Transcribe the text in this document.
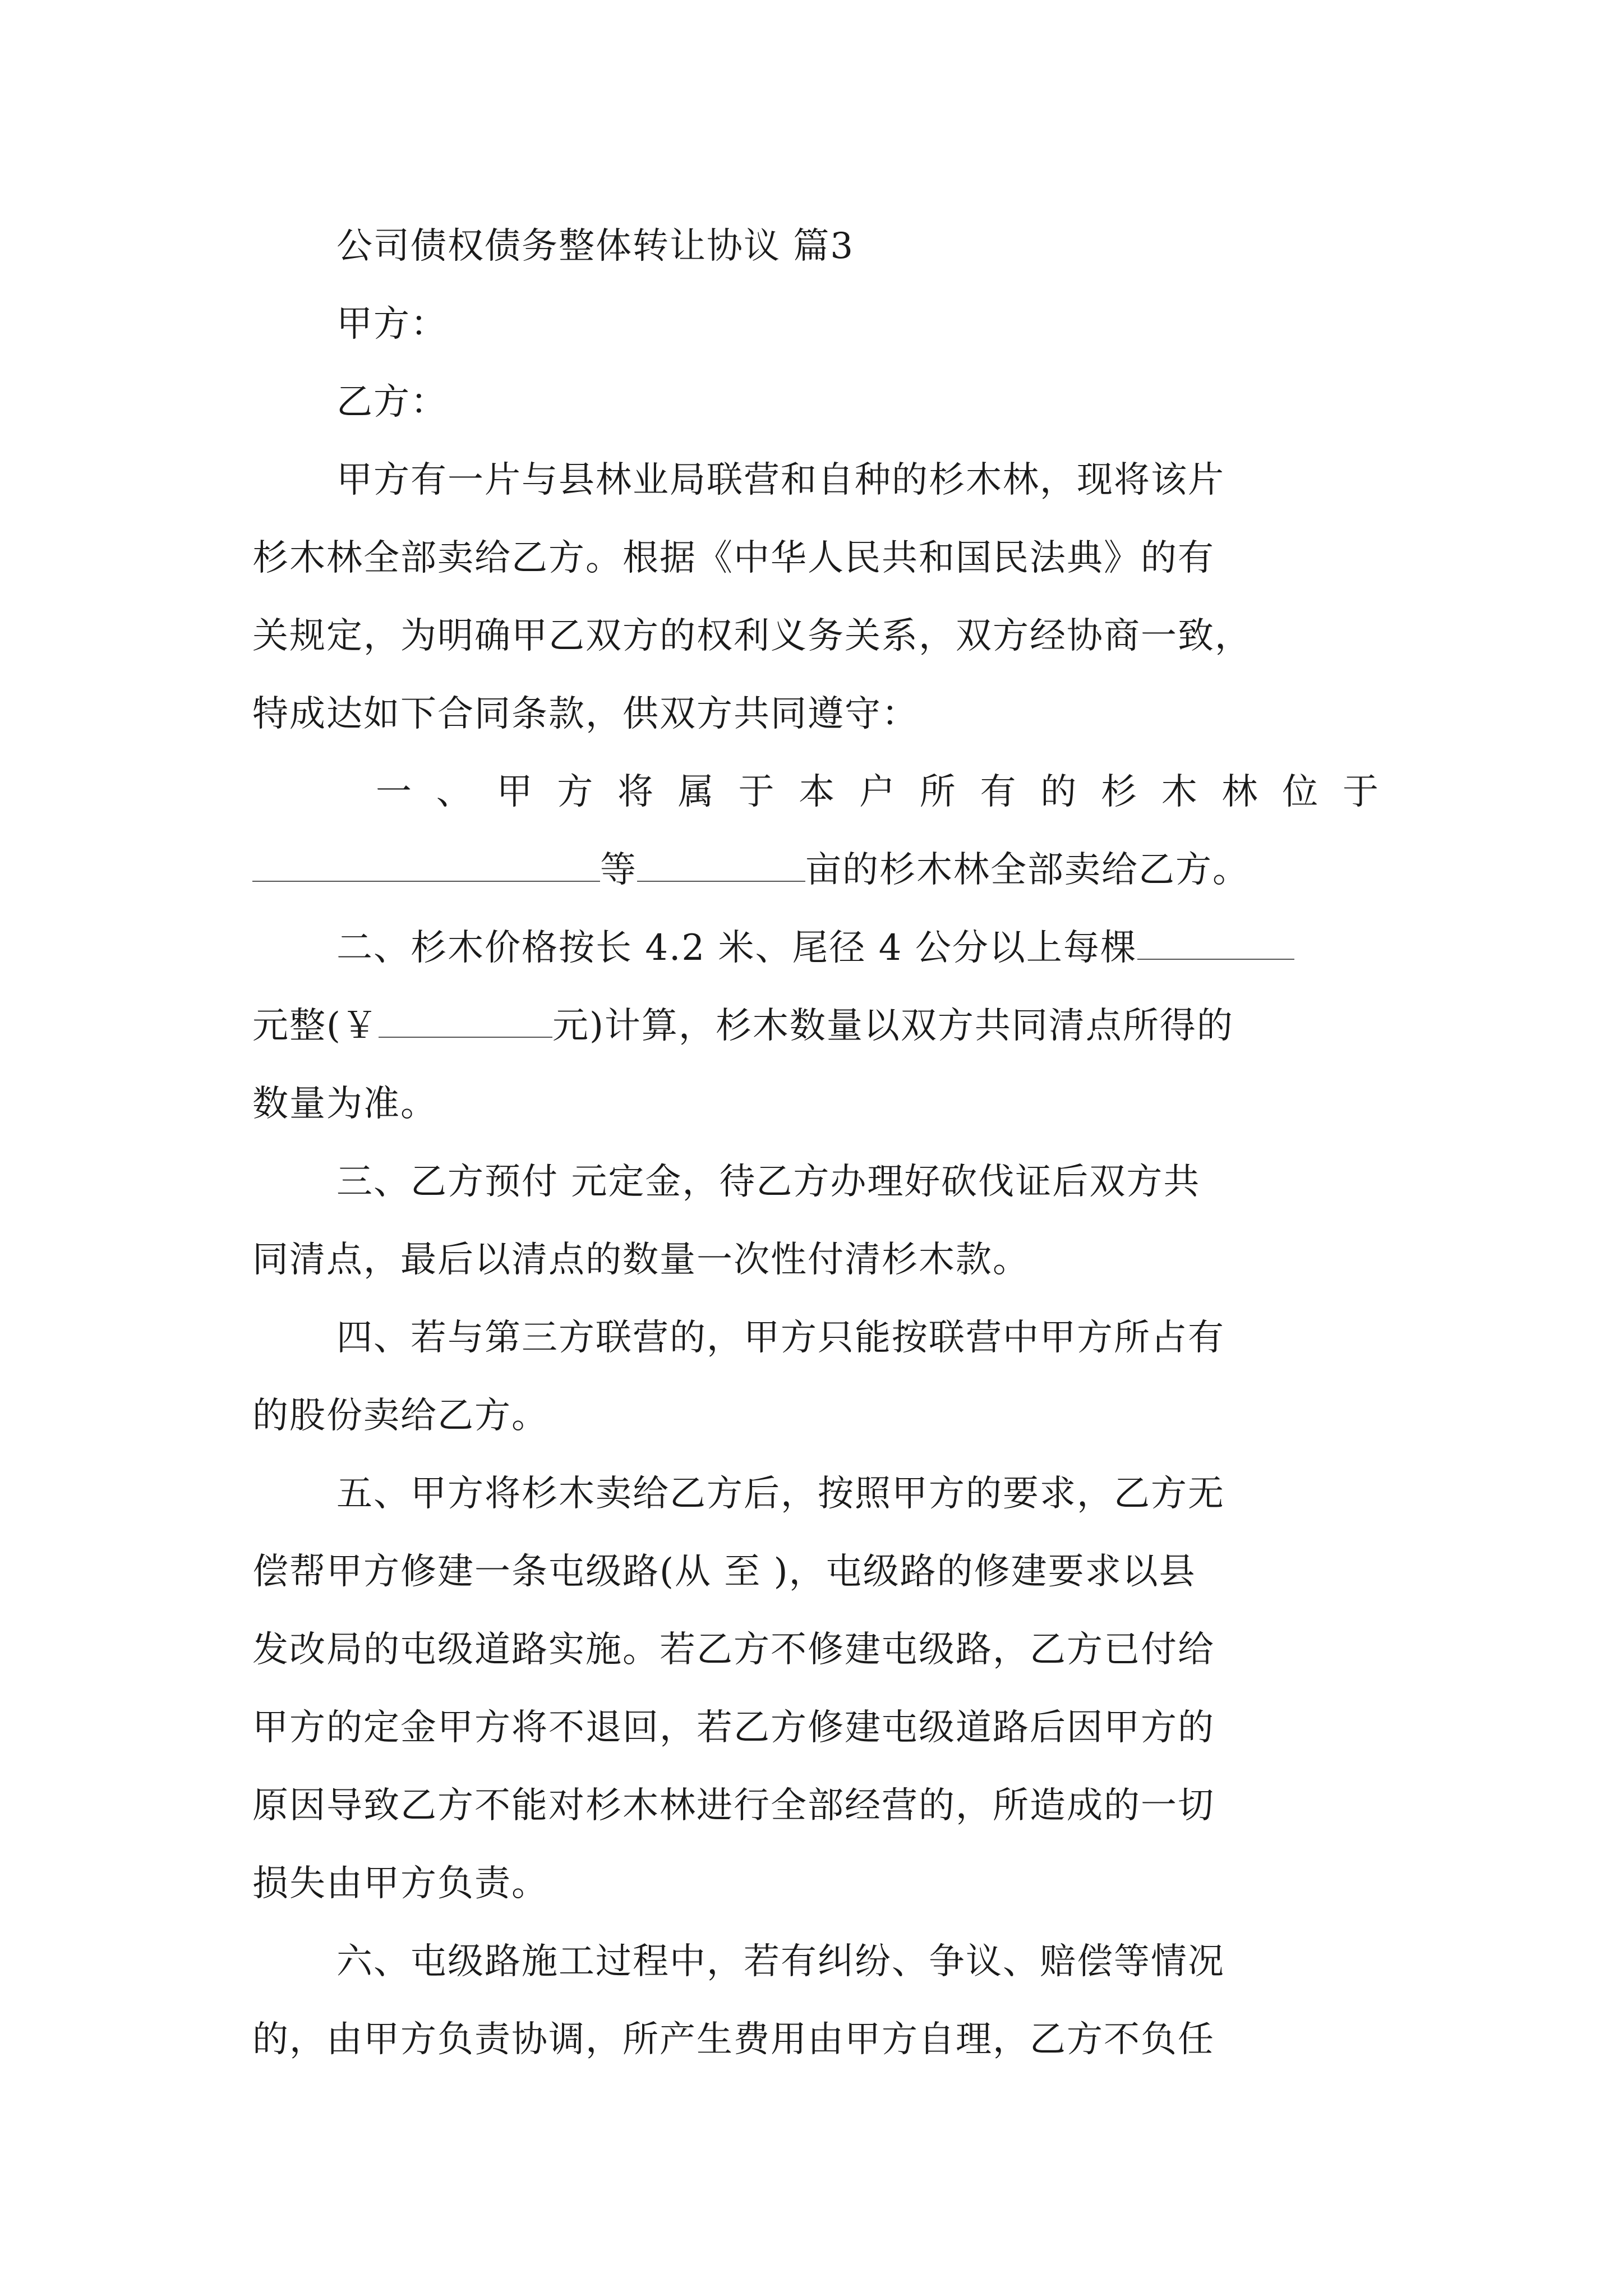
公司债权债务整体转让协议 篇3
甲方：
乙方：
甲方有一片与县林业局联营和自种的杉木林，现将该片
杉木林全部卖给乙方。根据《中华人民共和国民法典》的有
关规定，为明确甲乙双方的权利义务关系，双方经协商一致，
特成达如下合同条款，供双方共同遵守：
一 、 甲 方 将 属 于 本 户 所 有 的 杉 木 林 位 于
等	亩的杉木林全部卖给乙方。
二、杉木价格按长 4.2 米、尾径 4 公分以上每棵
元整(￥	元)计算，杉木数量以双方共同清点所得的
数量为准。
三、乙方预付 元定金，待乙方办理好砍伐证后双方共
同清点，最后以清点的数量一次性付清杉木款。
四、若与第三方联营的，甲方只能按联营中甲方所占有
的股份卖给乙方。
五、甲方将杉木卖给乙方后，按照甲方的要求，乙方无
偿帮甲方修建一条屯级路(从 至 )，屯级路的修建要求以县
发改局的屯级道路实施。若乙方不修建屯级路，乙方已付给
甲方的定金甲方将不退回，若乙方修建屯级道路后因甲方的
原因导致乙方不能对杉木林进行全部经营的，所造成的一切
损失由甲方负责。
六、屯级路施工过程中，若有纠纷、争议、赔偿等情况
的，由甲方负责协调，所产生费用由甲方自理，乙方不负任
